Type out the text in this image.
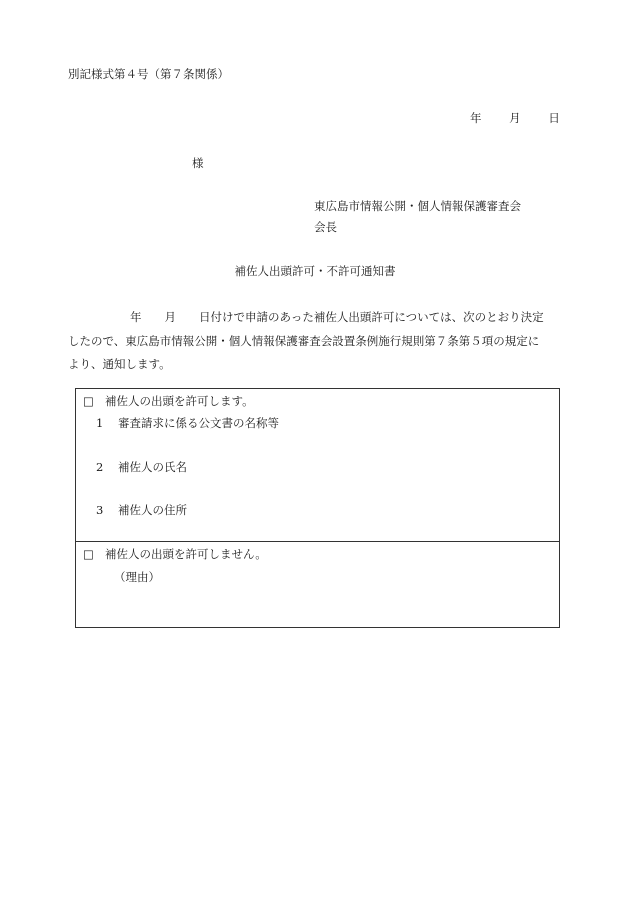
別記様式第４号（第７条関係）
年 月 日
様
東広島市情報公開・個人情報保護審査会
会長
補佐人出頭許可・不許可通知書
年　　月　　日付けで申請のあった補佐人出頭許可については、次のとおり決定
したので、東広島市情報公開・個人情報保護審査会設置条例施行規則第７条第５項の規定に
より、通知します。
□ 補佐人の出頭を許可します。
1 審査請求に係る公文書の名称等
2 補佐人の氏名
3 補佐人の住所
□ 補佐人の出頭を許可しません。
（理由）
